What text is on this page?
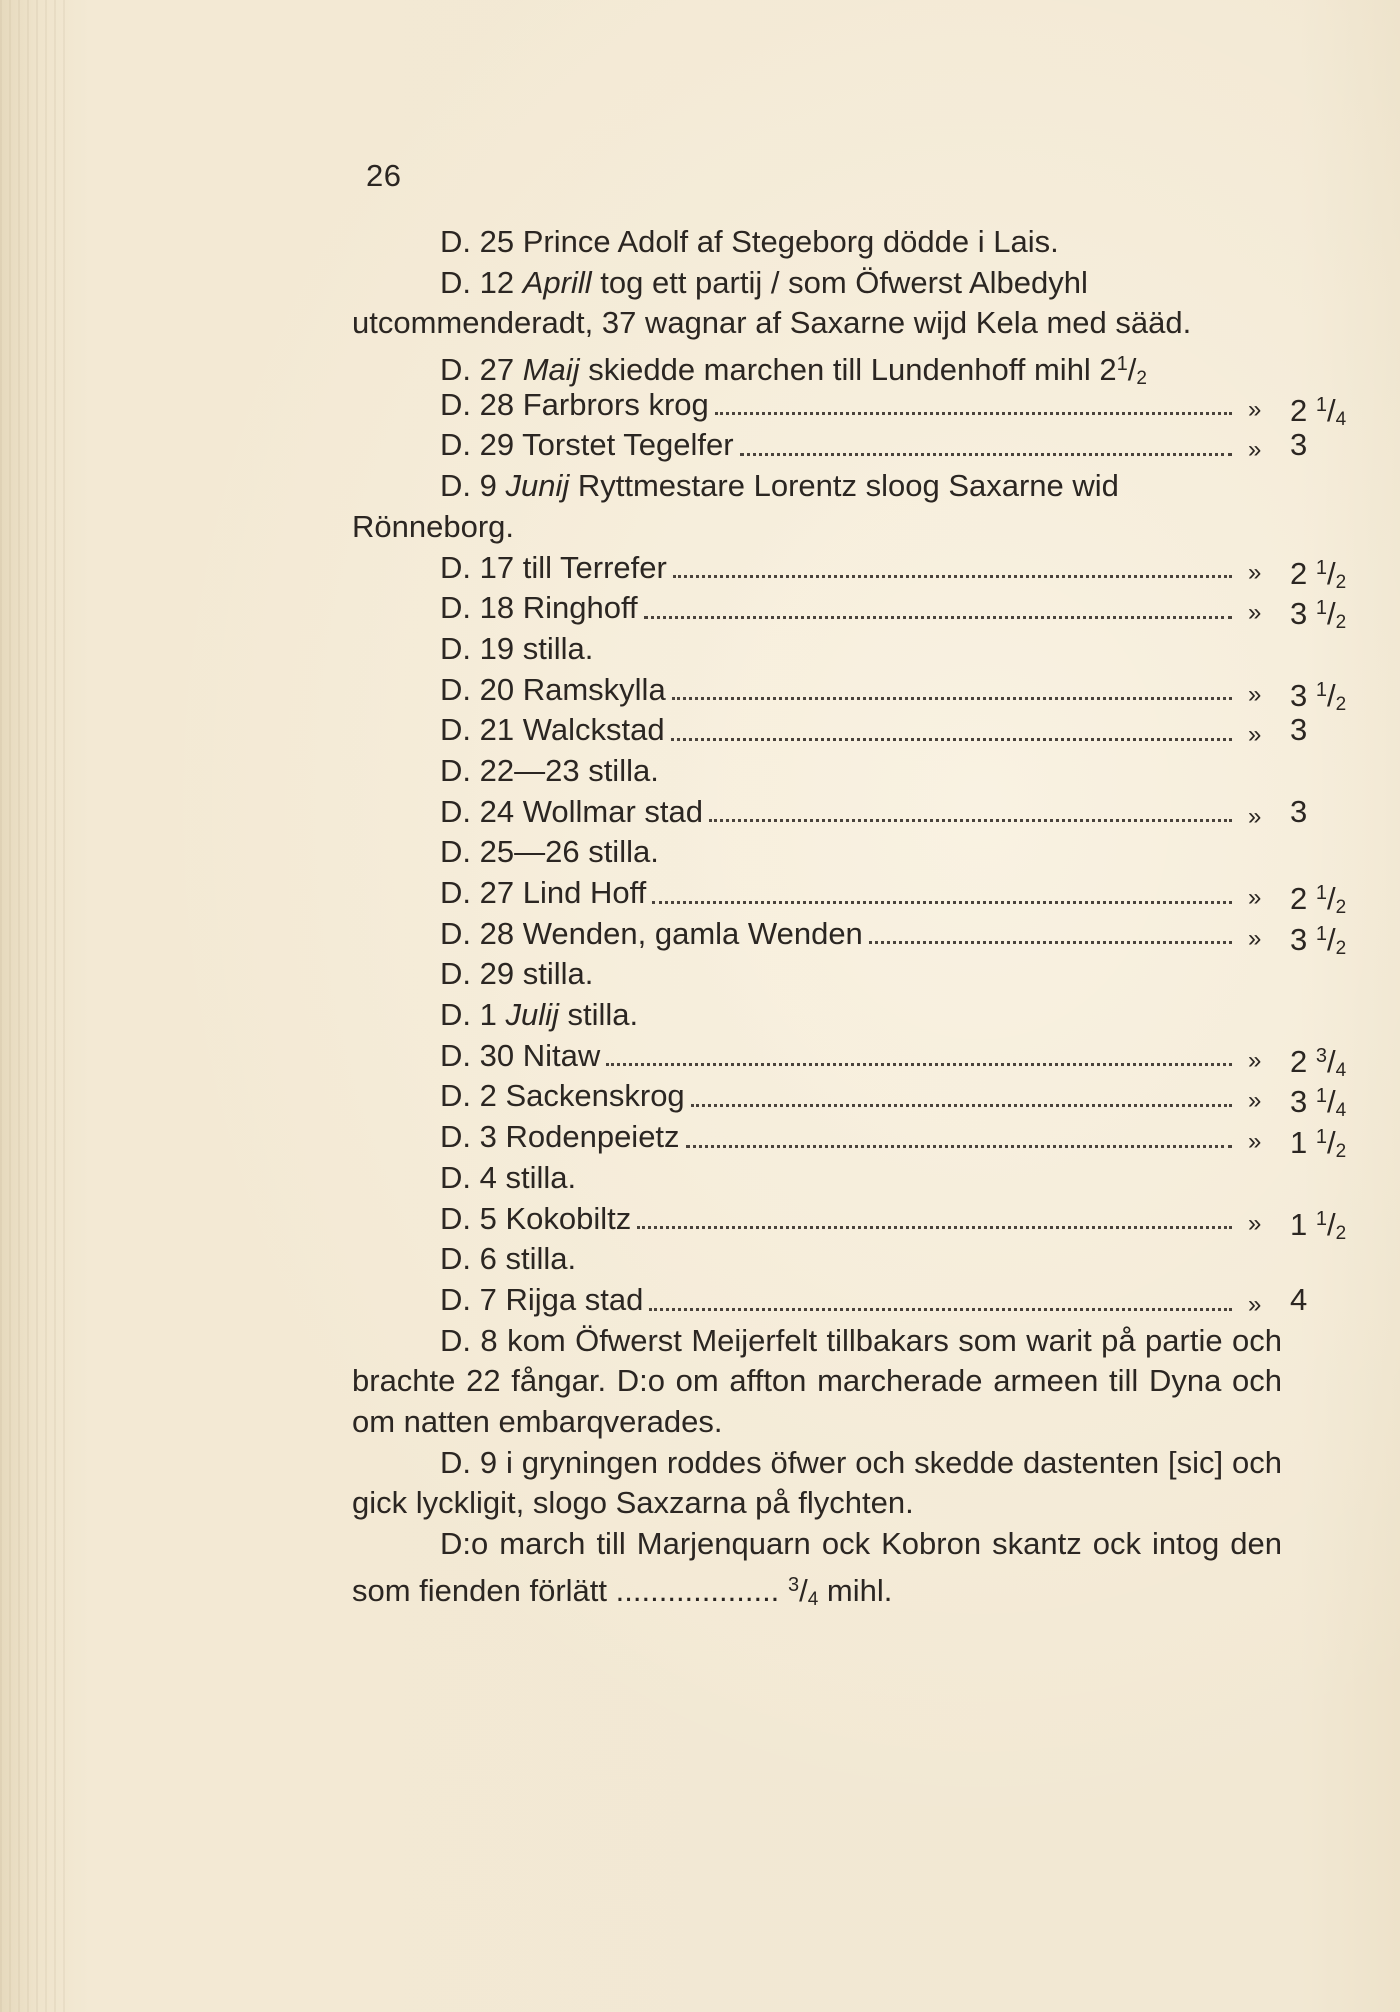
26
D. 25 Prince Adolf af Stegeborg dödde i Lais.
D. 12 Aprill tog ett partij / som Öfwerst Albedyhl
utcommenderadt, 37 wagnar af Saxarne wijd Kela med sääd.
D. 27 Maij skiedde marchen till Lundenhoff mihl $2^1/2$
D. 28 Farbrors krog	» 2 $^1$/4
D. 29 Torstet Tegelfer	» 3
D. 9 Junij Ryttmestare Lorentz sloog Saxarne wid
Rönneborg.
D. 17 till Terrefer	» 2 $^1$/2
D. 18 Ringhoff	» 3 $^1$/2
D. 19 stilla.
D. 20 Ramskylla	» 3 $^1$/2
D. 21 Walckstad	» 3
D. 22—23 stilla.
D. 24 Wollmar stad	» 3
D. 25—26 stilla.
D. 27 Lind Hoff	» 2 $^1$/2
D. 28 Wenden, gamla Wenden	» 3 $^1$/2
D. 29 stilla.
D. 1 Julij stilla.
D. 30 Nitaw	» 2 $^3$/4
D. 2 Sackenskrog	» 3 $^1$/4
D. 3 Rodenpeietz	» 1 $^1$/2
D. 4 stilla.
D. 5 Kokobiltz	» 1 $^1$/2
D. 6 stilla.
D. 7 Rijga stad	» 4
D. 8 kom Öfwerst Meijerfelt tillbakars som warit på partie och brachte 22 fångar. D:o om affton marcherade armeen till Dyna och om natten embarqverades.
D. 9 i gryningen roddes öfwer och skedde dastenten [sic] och gick lyckligit, slogo Saxzarna på flychten.
D:o march till Marjenquarn ock Kobron skantz ock intog den som fienden förlätt ................... $^3$/4 mihl.
